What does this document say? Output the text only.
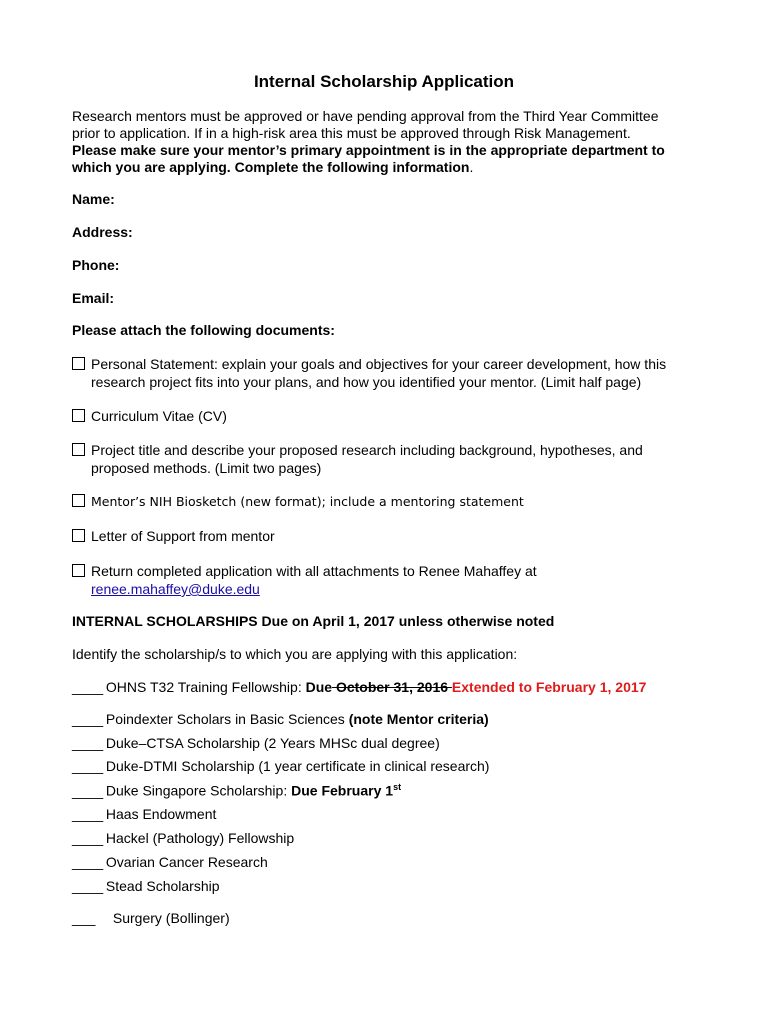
Internal Scholarship Application
Research mentors must be approved or have pending approval from the Third Year Committee prior to application. If in a high-risk area this must be approved through Risk Management.  Please make sure your mentor’s primary appointment is in the appropriate department to which you are applying. Complete the following information.
Name:
Address:
Phone:
Email:
Please attach the following documents:
Personal Statement: explain your goals and objectives for your career development, how this
research project fits into your plans, and how you identified your mentor. (Limit half page)
Curriculum Vitae (CV)
Project title and describe your proposed research including background, hypotheses, and
proposed methods. (Limit two pages)
Mentor’s NIH Biosketch (new format); include a mentoring statement
Letter of Support from mentor
Return completed application with all attachments to Renee Mahaffey at
renee.mahaffey@duke.edu
INTERNAL SCHOLARSHIPS Due on April 1, 2017 unless otherwise noted
Identify the scholarship/s to which you are applying with this application:
____ OHNS T32 Training Fellowship: Due October 31, 2016 Extended to February 1, 2017
____ Poindexter Scholars in Basic Sciences (note Mentor criteria)
____ Duke–CTSA Scholarship (2 Years MHSc dual degree)
____ Duke-DTMI Scholarship (1 year certificate in clinical research)
____ Duke Singapore Scholarship: Due February 1st
____ Haas Endowment
____ Hackel (Pathology) Fellowship
____ Ovarian Cancer Research
____ Stead Scholarship
___ Surgery (Bollinger)
